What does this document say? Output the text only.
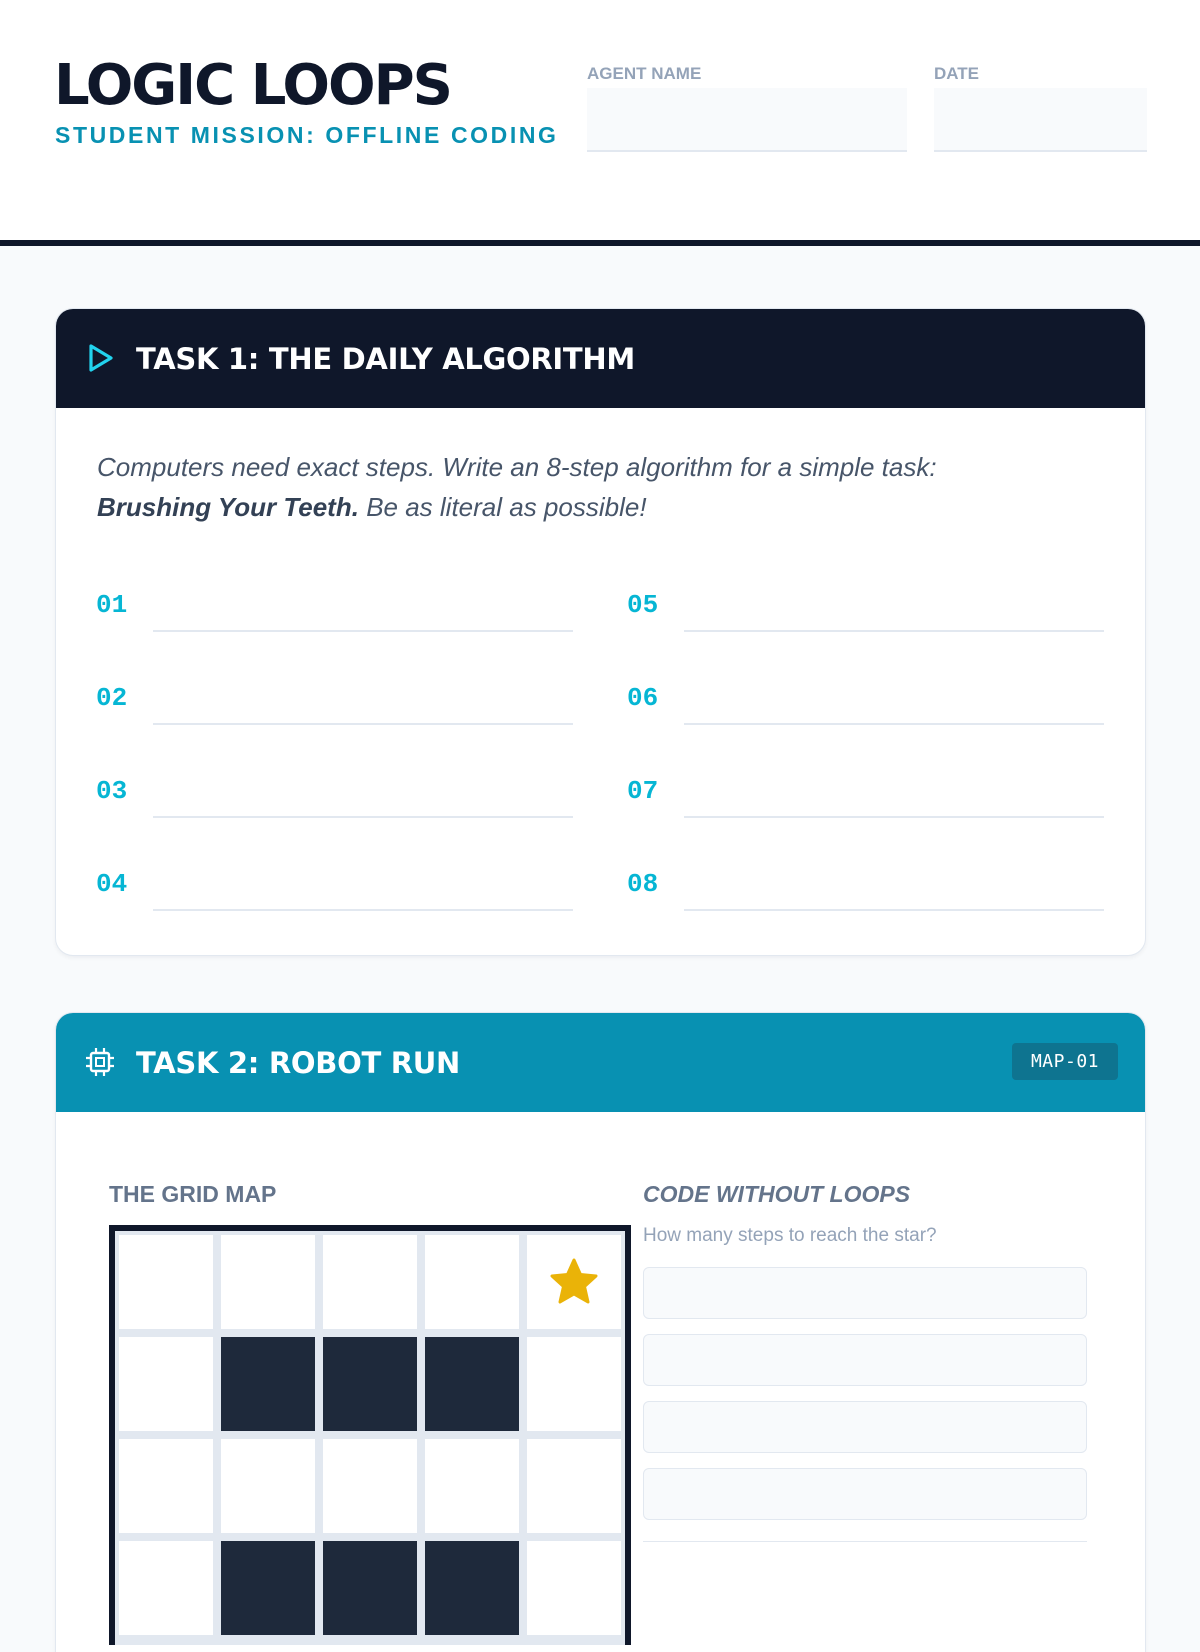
LOGIC LOOPS
STUDENT MISSION: OFFLINE CODING
AGENT NAME	DATE
TASK 1: THE DAILY ALGORITHM

Computers need exact steps. Write an 8-step algorithm for a simple task:
Brushing Your Teeth. Be as literal as possible!

01
02
03
04
05
06
07
08
TASK 2: ROBOT RUN	MAP-01
THE GRID MAP	CODE WITHOUT LOOPS
How many steps to reach the star?
